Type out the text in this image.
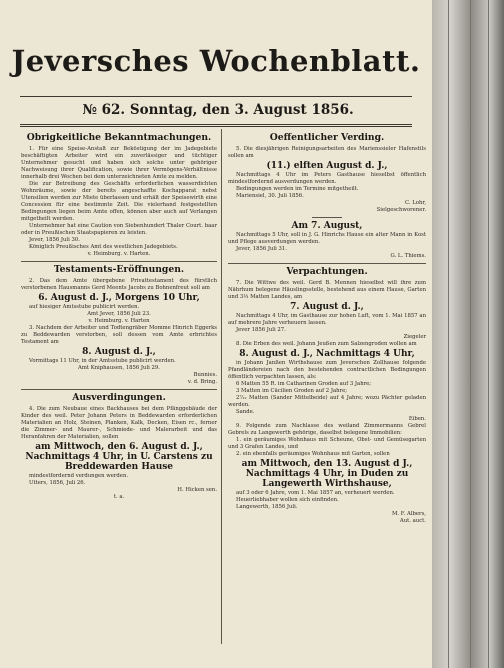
Jeversches Wochenblatt.
№ 62. Sonntag, den 3. August 1856.
Obrigkeitliche Bekanntmachungen.

1. Für eine Speise-Anstalt zur Beköstigung der im Jadegebiete beschäftigten Arbeiter wird ein zuverlässiger und tüchtiger Unternehmer gesucht und haben sich solche unter gehöriger Nachweisung ihrer Qualification, sowie ihrer Vermögens-Verhältnisse innerhalb drei Wochen bei dem unterzeichneten Amte zu melden.

Die zur Betreibung des Geschäfts erforderlichen wasserdichten Wohnräume, sowie der bereits angeschaffte Kochapparat nebst Utensilien werden zur Miete überlassen und erhält der Speisewirth eine Concession für eine bestimmte Zeit. Die vielerhand festgestellten Bedingungen liegen beim Amte offen, können aber auch auf Verlangen mitgetheilt werden.

Unternehmer hat eine Caution von Siebenhundert Thaler Court. baar oder in Preußischen Staatspapieren zu leisten.

Jever, 1856 Juli 30.

Königlich Preußisches Amt des westlichen Jadegebiets.

v. Heimburg. v. Harten.

Testaments-Eröffnungen.

2. Das dem Amte übergebene Privattestament des fürstlich verstorbenen Hausmanns Gerd Meents Jacobs zu Bohnenfreut soll am

6. August d. J., Morgens 10 Uhr,

auf hiesiger Amtsstube publicirt werden.

Amt Jever, 1856 Juli 23.

v. Heimburg. v. Harten

3. Nachdem der Arbeiter und Todtengräber Momme Hinrich Eggerks zu Beddewarden verstorben, soll dessen vom Amte erbrichtes Testament am

8. August d. J.,

Vormittags 11 Uhr, in der Amtsstube publicirt werden.

Amt Kniphausen, 1856 Juli 29.

Bunnies.

v. d. Bring.

Ausverdingungen.

4. Die zum Neubaue eines Backhauses bei dem Pfänggebäude der Kinder des weil. Peter Johann Peters in Beddewarden erforderlichen Materialien an Holz, Steinen, Planken, Kalk, Decken, Eisen rc., ferner die Zimmer- und Maurer-, Schmiede- und Malerarbeit und das Heranfahren der Materialien, sollen

am Mittwoch, den 6. August d. J., Nachmittags 4 Uhr, in U. Carstens zu Breddewarden Hause

mindestfordernd verdungen werden.

Utters, 1856, Juli 26.

H. Hicken sen.

t. a.

Oeffentlicher Verding.

5. Die diesjährigen Reinigungsarbeiten des Marienssieler Hafenstils sollen am

(11.) elften August d. J.,

Nachmittags 4 Uhr im Peters Gasthause hieselbst öffentlich mindestfordernd ausverdungen werden.

Bedingungen werden im Termine mitgetheilt.

Mariensiel, 30. Juli 1856.

C. Lohr,

Sielgeschworener.

Am 7. August,

Nachmittags 5 Uhr, soll in J. G. Hinrichs Hause ein alter Mann in Kost und Pflege ausverdungen werden.

Jever, 1856 Juli 31.

G. L. Thiems.

Verpachtungen.

7. Die Wittwe des weil. Gerd B. Mennen hieselbst will ihre zum Nährhum belegene Häuslingsstelle, bestehend aus einem Hause, Garten und 3⅓ Matten Landes, am

7. August d. J.,

Nachmittags 4 Uhr, im Gasthause zur hohen Luft, vom 1. Mai 1857 an auf mehrere Jahre verheuern lassen.

Jever 1856 Juli 27.

Ziegeler

8. Die Erben des weil. Johann Jeußen zum Salzengroden wollen am

8. August d. J., Nachmittags 4 Uhr,

in Johann Janßen Wirthshause zum Jeverschen Zollhause folgende Pfandländereien nach den bestehenden contractlichen Bedingungen öffentlich verpachten lassen, als:

6 Matten 55 R. im Catharinen Groden auf 3 Jahre;

3 Matten im Cäcilien Groden auf 2 Jahre;

2⁷⁄₁₂ Matten (Sander Mittelbeide) auf 4 Jahre; wozu Pächter geladen werden.

Sande.

Eiben.

9. Folgende zum Nachlasse des weiland Zimmermanns Gebrel Gebrels zu Langewerth gehörige, daselbst belegene Immobilien:

1. ein geräumiges Wohnhaus mit Scheune, Obst- und Gemüsegarten und 3 Grafen Landes, und

2. ein ebenfalls geräumiges Wohnhaus mit Garten, sollen

am Mittwoch, den 13. August d J., Nachmittags 4 Uhr, in Duden zu Langewerth Wirthshause,

auf 3 oder 6 Jahre, vom 1. Mai 1857 an, verheuert werden.

Heuerliebhaber wollen sich einfinden.

Langewerth, 1856 Juli.

M. F. Albers,

Aut. auct.
